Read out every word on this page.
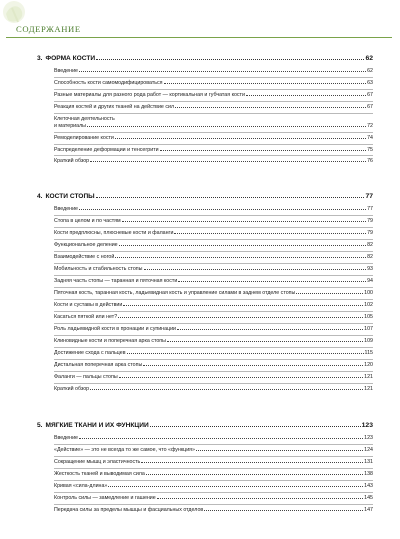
СОДЕРЖАНИЕ
3. ФОРМА КОСТИ	62
Введение	62
Способность кости самомодифицироваться	63
Разные материалы для разного рода работ — кортикальная и губчатая кости	67
Реакция костей и других тканей на действие сил	67
Клеточная деятельность
и материалы	72
Ремоделирование кости	74
Распределение деформации и тенсегрити	75
Краткий обзор	76
4. КОСТИ СТОПЫ	77
Введение	77
Стопа в целом и по частям	79
Кости предплюсны, плюсневые кости и фаланги	79
Функциональное деление	82
Взаимодействие с ногой	82
Мобильность и стабильность стопы	93
Задняя часть стопы — таранная и пяточная кости	94
Пяточная кость, таранная кость, ладьевидная кость и управление силами в заднем отделе стопы	100
Кости и суставы в действии	102
Касаться пяткой или нет?	105
Роль ладьевидной кости в пронации и супинации	107
Клиновидные кости и поперечная арка стопы	109
Достижение схода с пальцев	115
Дистальная поперечная арка стопы	120
Фаланги — пальцы стопы	121
Краткий обзор	121
5. МЯГКИЕ ТКАНИ И ИХ ФУНКЦИИ	123
Введение	123
«Действие» — это не всегда то же самое, что «функция»	124
Сокращение мышц и эластичность	131
Жесткость тканей и выводимая сила	138
Кривая «сила-длина»	143
Контроль силы — замедление и гашение	145
Передача силы за пределы мышцы и фасциальных отделов	147
